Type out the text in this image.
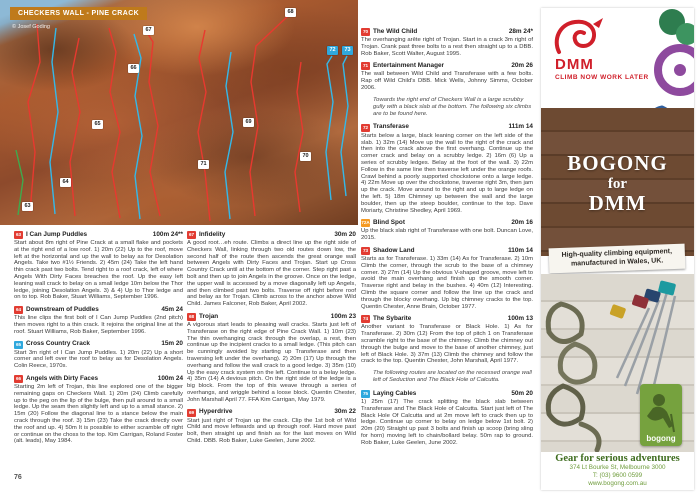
63
64
65
66
67
68
69
70
71
72	73
CHECKERS WALL - PINE CRACK
© Josef Goding
63 I Can Jump Puddles	100m 24**
Start about 8m right of Pine Crack at a small flake and pockets at the right end of a low roof. 1) 20m (22) Up to the roof, move left at the horizontal and up the wall to belay as for Desolation Angels. Take two #1½ Friends. 2) 45m (24) Take the left hand thin crack past two bolts. Tend right to a roof crack, left of where Angels With Dirty Faces breaches the roof. Up the easy left leaning wall crack to belay on a small ledge 10m below the Thor ledge, joining Desolation Angels. 3) & 4) Up to Thor ledge and on to top. Rob Baker, Stuart Williams, September 1996.
64 Downstream of Puddles	45m 24
This line clips the first bolt of I Can Jump Puddles (2nd pitch) then moves right to a thin crack. It rejoins the original line at the roof. Stuart Williams, Rob Baker, September 1996.
65 Cross Country Crack	15m 20
Start 3m right of I Can Jump Puddles. 1) 20m (22) Up a short corner and left over the roof to belay as for Desolation Angels. Colin Reece, 1970s.
66 Angels with Dirty Faces	100m 24
Starting 2m left of Trojan, this line explored one of the bigger remaining gaps on Checkers Wall. 1) 20m (24) Climb carefully up to the peg on the lip of the bulge, then pull around to a small ledge. Up the seam then slightly left and up to a small stance. 2) 15m (20) Follow the diagonal line to a stance below the main crack through the roof. 3) 15m (23) Take the crack directly over the roof and up. 4) 50m It is possible to either scramble off right or continue on the choss to the top. Kim Carrigan, Roland Foster (alt. leads), May 1984.
67 Infidelity	30m 20
A good root…eh route. Climbs a direct line up the right side of Checkers Wall, linking through two old routes down low, the second half of the route then ascends the great orange wall between Angels with Dirty Faces and Trojan. Start up Cross Country Crack until at the bottom of the corner. Step right past a bolt and then up to join Angels in the groove. Once on the ledge, the upper wall is accessed by a move diagonally left up Angels, and then climbed past two bolts. Traverse off right before roof and belay as for Trojan. Climb across to the anchor above Wild Child. James Falconer, Rob Baker, April 2002.
68 Trojan	100m 23
A vigorous start leads to pleasing wall cracks. Starts just left of Transferase on the right edge of Pine Crack Wall. 1) 10m (23) The thin overhanging crack through the overlap, a rest, then continue up the incipient cracks to a small ledge. (This pitch can be cunningly avoided by starting up Transferase and then traversing left under the overhang). 2) 20m (17) Up through the overhang and follow the wall crack to a good ledge. 3) 35m (10) Up the easy crack system on the left. Continue to a belay ledge. 4) 35m (14) A devious pitch. On the right side of the ledge is a big block. From the top of this weave through a series of overhangs, and wriggle behind a loose block. Quentin Chester, John Marshall April 77. FFA Kim Carrigan, May 1979.
69 Hyperdrive	30m 22
Start just right of Trojan up the crack. Clip the 1st bolt of Wild Child and move leftwards and up through roof. Hard move past bolt, then straight up and finish as for the last moves on Wild Child. DBB. Rob Baker, Luke Geelen, June 2002.
70 The Wild Child	28m 24*
The overhanging arête right of Trojan. Start in a crack 3m right of Trojan. Crank past three bolts to a rest then straight up to a DBB. Rob Baker, Scott Walter, August 1995.
71 Entertainment Manager	20m 26
The wall between Wild Child and Transferase with a few bolts. Rap off Wild Child's DBB. Mick Wells, Johnny Simms, October 2006.
Towards the right end of Checkers Wall is a large scrubby gully with a black slab at the bottom. The following six climbs are to be found here.
72 Transferase	111m 14
Starts below a large, black leaning corner on the left side of the slab. 1) 32m (14) Move up the wall to the right of the crack and then into the crack above the first overhang. Continue up the corner crack and belay on a scrubby ledge. 2) 16m (6) Up a series of scrubby ledges. Belay at the foot of the wall. 3) 22m Follow in the same line then traverse left under the orange roofs. Crawl behind a poorly supported chockstone onto a large ledge. 4) 22m Move up over the chockstone, traverse right 3m, then jam up the crack. Move around to the right and up to large ledge on the left. 5) 18m Chimney up between the wall and the large boulder, then up the steep boulder, continue to the top. Dave Moriarty, Christine Shedley, April 1969.
72A Blind Spot	20m 16
Up the black slab right of Transferase with one bolt. Duncan Love, 2015.
73 Shadow Land	110m 14
Starts as for Transferase. 1) 33m (14) As for Transferase. 2) 10m Climb the corner, through the scrub to the base of a chimney corner. 3) 27m (14) Up the obvious V-shaped groove, move left to avoid the main overhang and finish up the smooth corner. Traverse right and belay in the bushes. 4) 40m (12) Interesting. Climb the square corner and follow the line up the crack and through the blocky overhang. Up big chimney cracks to the top. Quentin Chester, Anne Brain, October 1977.
74 The Sybarite	100m 13
Another variant to Transferase or Black Hole. 1) As for Transferase. 2) 30m (12) From the top of pitch 1 on Transferase scramble right to the base of the chimney. Climb the chimney out through the bulge and move to the base of another chimney, just left of Black Hole. 3) 37m (13) Climb the chimney and follow the crack to the top. Quentin Chester, John Marshall, April 1977.
The following routes are located on the recessed orange wall left of Seduction and The Black Hole of Calcutta.
75 Laying Cables	50m 20
1) 25m (17) The crack splitting the black slab between Transferase and The Black Hole of Calcutta. Start just left of The Black Hole Of Calcutta and at 2m move left to crack then up to ledge. Continue up corner to belay on ledge below 1st bolt. 2) 20m (20) Straight up past 3 bolts and finish up scoop (bring sling for horn) moving left to chain/bollard belay. 50m rap to ground. Rob Baker, Luke Geelen, June 2002.
76
DMM
CLIMB NOW WORK LATER
BOGONG
for
DMM
High-quality climbing equipment, manufactured in Wales, UK.
bogong
Gear for serious adventures
374 Lt Bourke St, Melbourne 3000
T: (03) 9600 0599
www.bogong.com.au
